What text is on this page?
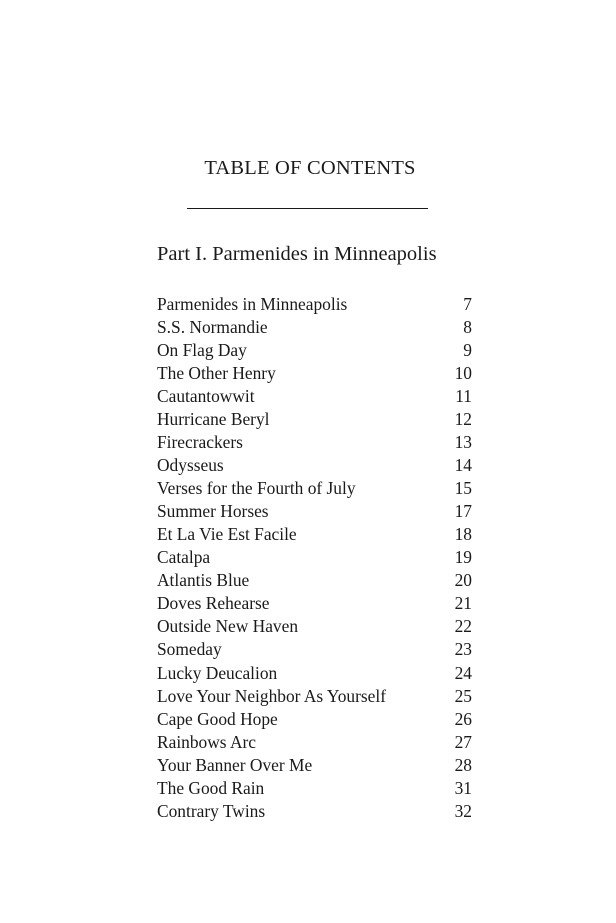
TABLE OF CONTENTS
Part I. Parmenides in Minneapolis
Parmenides in Minneapolis	7
S.S. Normandie	8
On Flag Day	9
The Other Henry	10
Cautantowwit	11
Hurricane Beryl	12
Firecrackers	13
Odysseus	14
Verses for the Fourth of July	15
Summer Horses	17
Et La Vie Est Facile	18
Catalpa	19
Atlantis Blue	20
Doves Rehearse	21
Outside New Haven	22
Someday	23
Lucky Deucalion	24
Love Your Neighbor As Yourself	25
Cape Good Hope	26
Rainbows Arc	27
Your Banner Over Me	28
The Good Rain	31
Contrary Twins	32
